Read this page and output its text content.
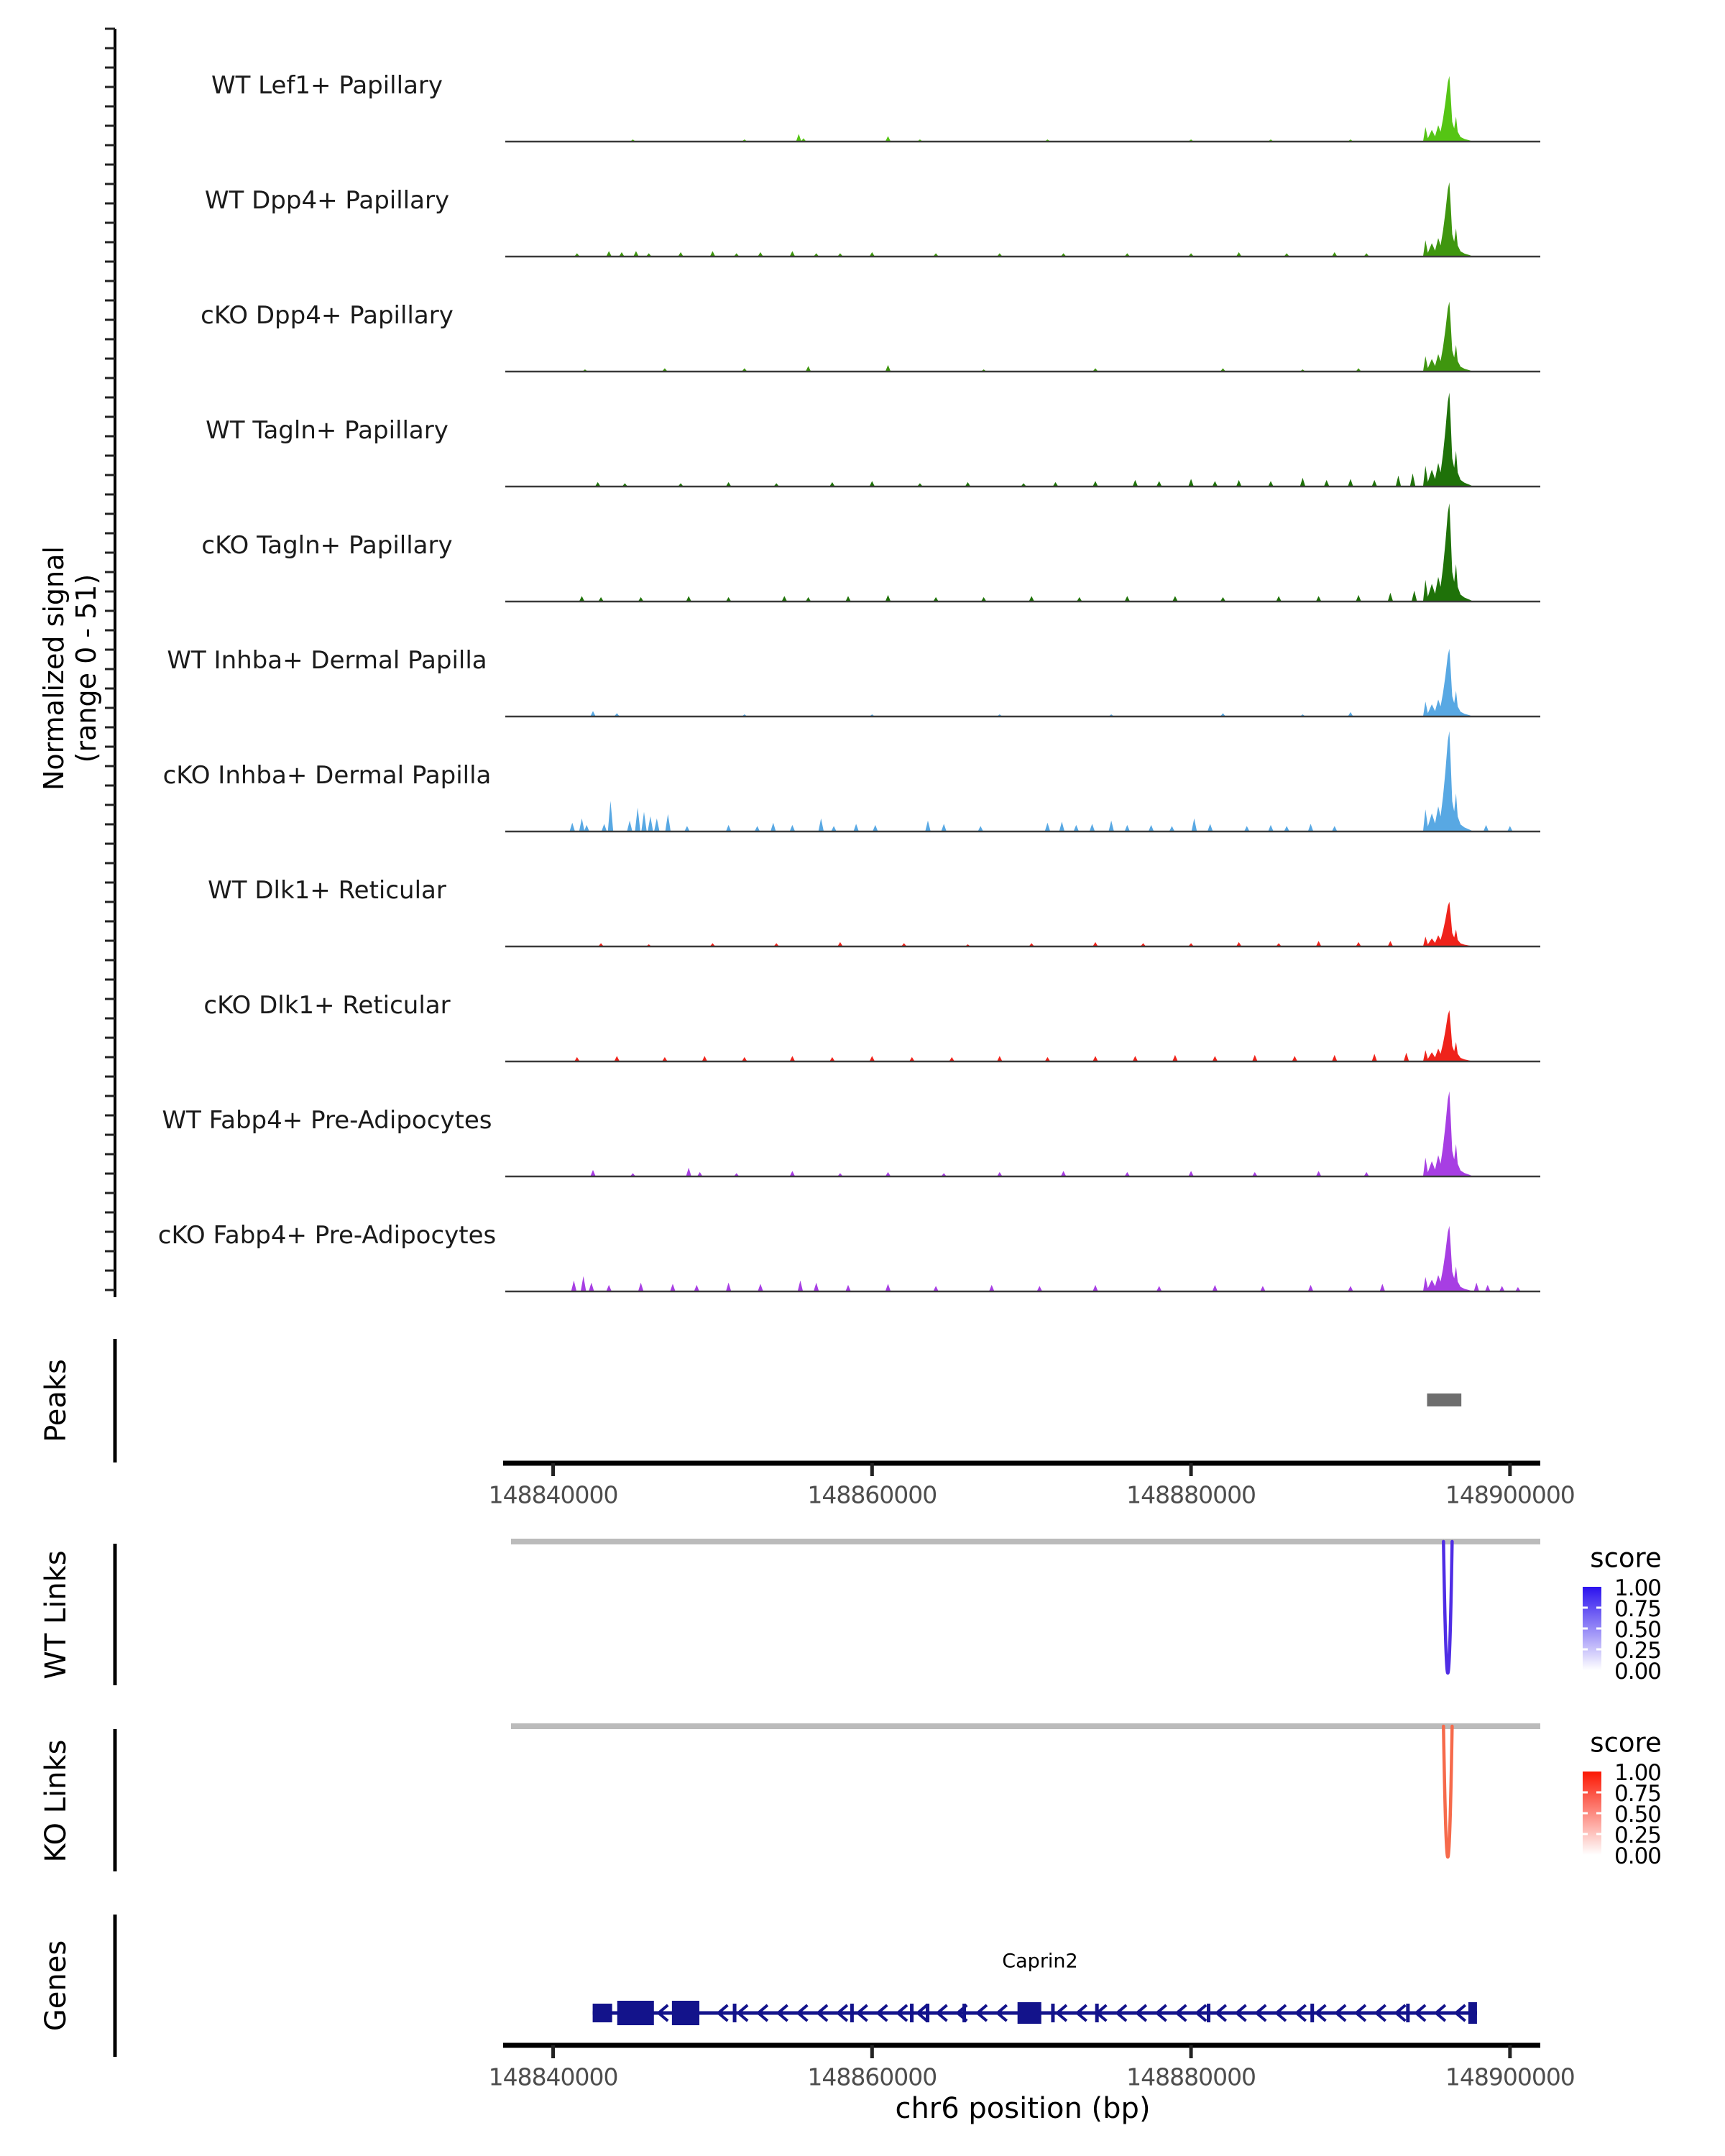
Normalized signal (range 0 - 51)
Peaks
WT Links
KO Links
Genes	Caprin2
chr6 position (bp)
score
score
WT Lef1+ Papillary
WT Dpp4+ Papillary
cKO Dpp4+ Papillary
WT Tagln+ Papillary
cKO Tagln+ Papillary
WT Inhba+ Dermal Papilla
cKO Inhba+ Dermal Papilla
WT Dlk1+ Reticular
cKO Dlk1+ Reticular
WT Fabp4+ Pre-Adipocytes
cKO Fabp4+ Pre-Adipocytes
148840000	148860000	148880000	148900000
148840000	148860000	148880000	148900000
1.00
0.75
0.50
0.25
0.00
1.00
0.75
0.50
0.25
0.00
